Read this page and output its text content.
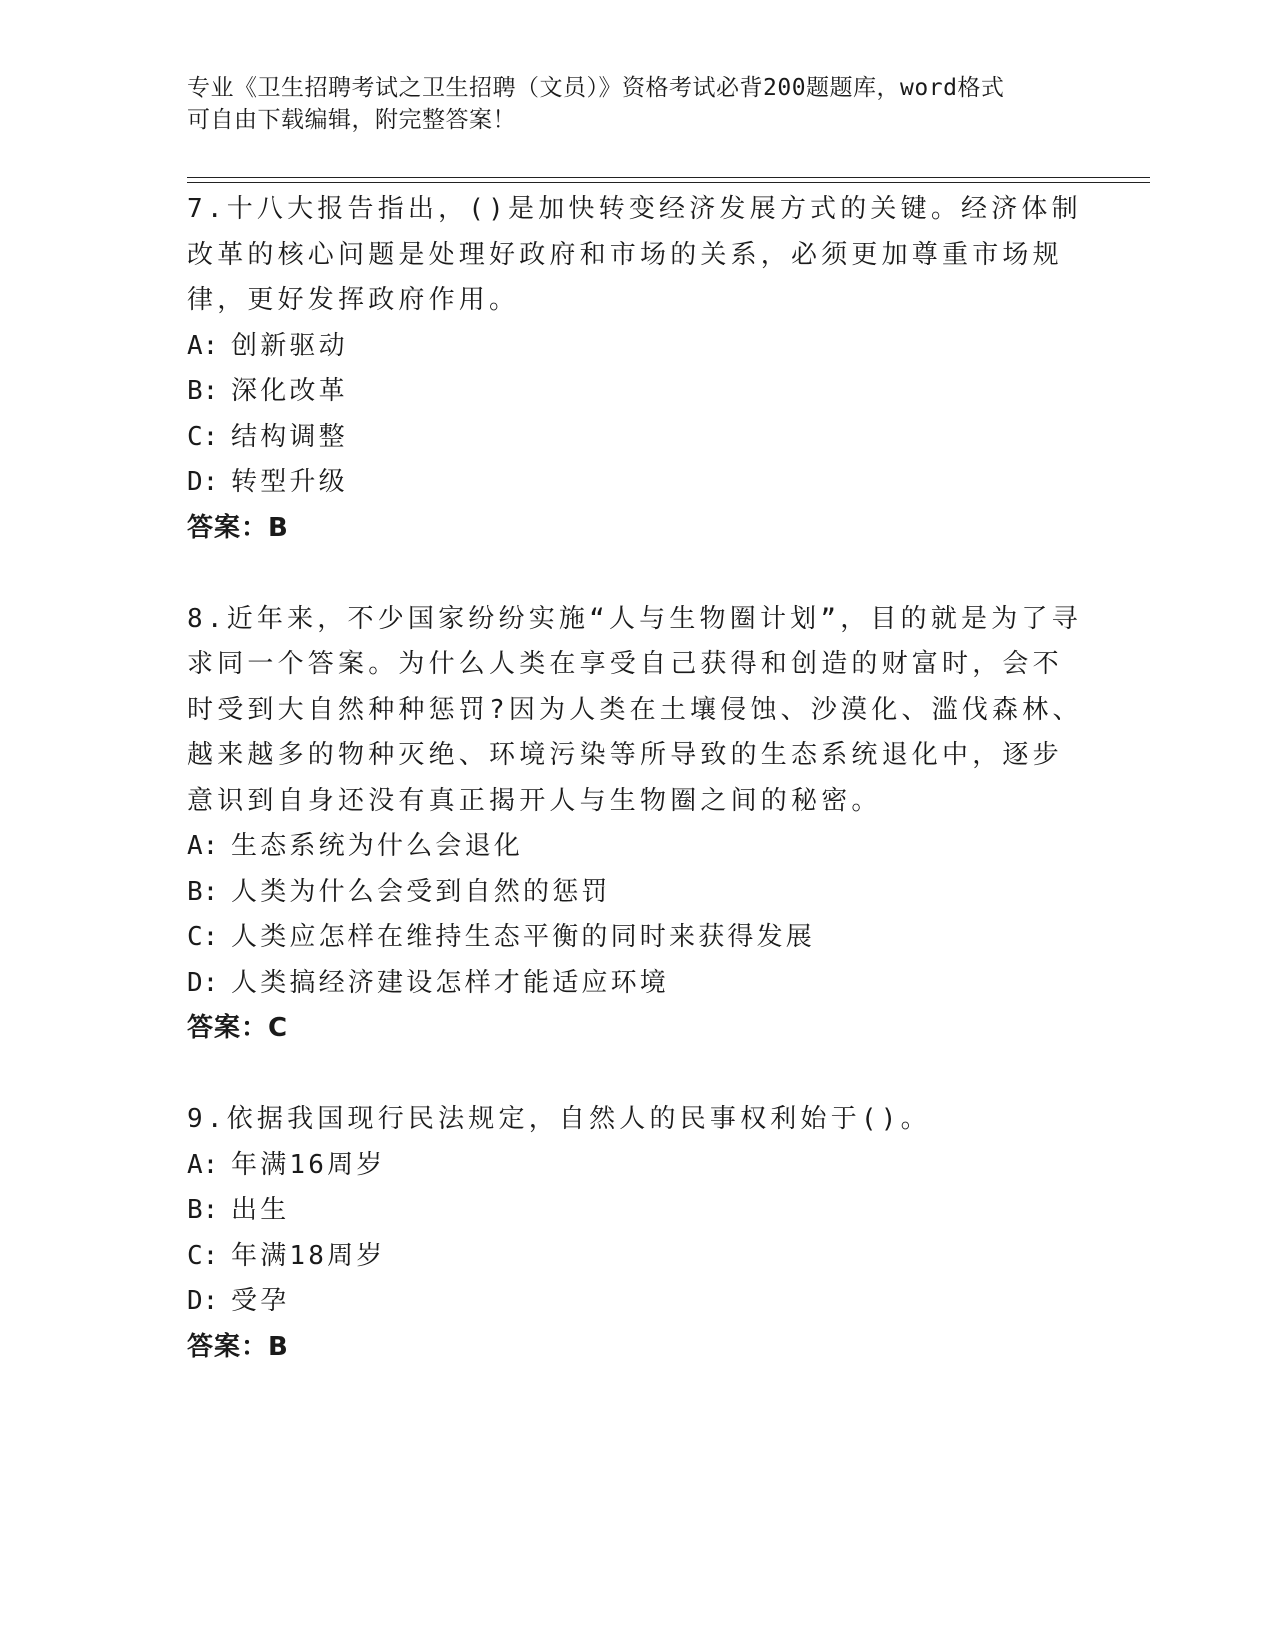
专业《卫生招聘考试之卫生招聘（文员）》资格考试必背200题题库，word格式
可自由下载编辑，附完整答案！
7.十八大报告指出，()是加快转变经济发展方式的关键。经济体制改革的核心问题是处理好政府和市场的关系，必须更加尊重市场规律，更好发挥政府作用。
A: 创新驱动
B: 深化改革
C: 结构调整
D: 转型升级
答案：B
8.近年来，不少国家纷纷实施“人与生物圈计划”，目的就是为了寻求同一个答案。为什么人类在享受自己获得和创造的财富时，会不时受到大自然种种惩罚?因为人类在土壤侵蚀、沙漠化、滥伐森林、越来越多的物种灭绝、环境污染等所导致的生态系统退化中，逐步意识到自身还没有真正揭开人与生物圈之间的秘密。
A: 生态系统为什么会退化
B: 人类为什么会受到自然的惩罚
C: 人类应怎样在维持生态平衡的同时来获得发展
D: 人类搞经济建设怎样才能适应环境
答案：C
9.依据我国现行民法规定，自然人的民事权利始于()。
A: 年满16周岁
B: 出生
C: 年满18周岁
D: 受孕
答案：B
